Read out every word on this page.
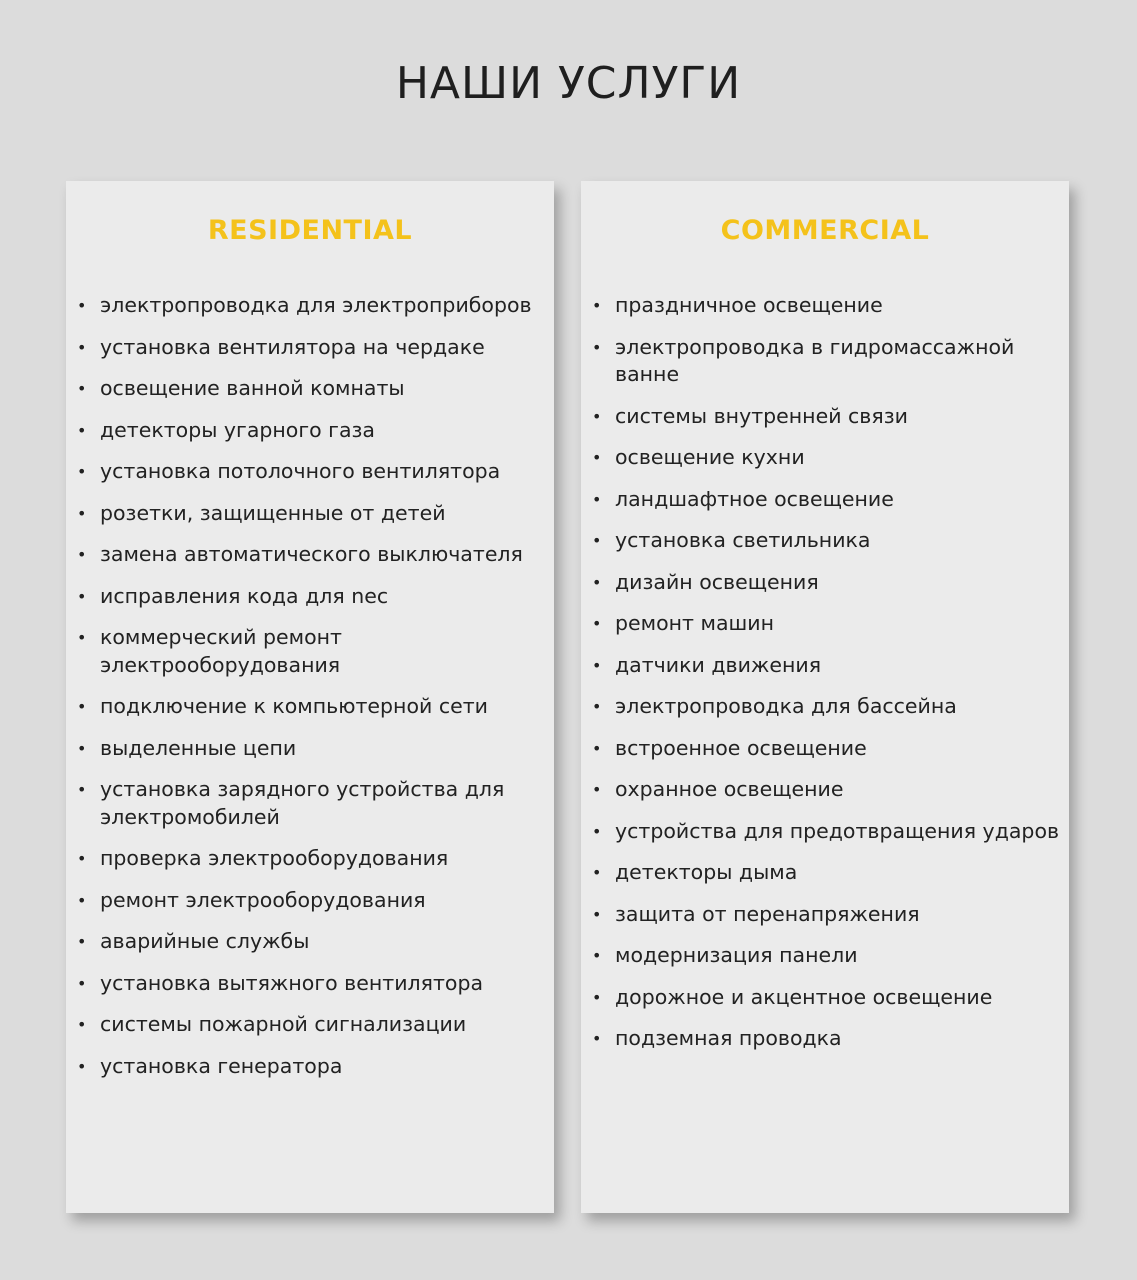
НАШИ УСЛУГИ
RESIDENTIAL
• электропроводка для электроприборов
• установка вентилятора на чердаке
• освещение ванной комнаты
• детекторы угарного газа
• установка потолочного вентилятора
• розетки, защищенные от детей
• замена автоматического выключателя
• исправления кода для nec
• коммерческий ремонт электрооборудования
• подключение к компьютерной сети
• выделенные цепи
• установка зарядного устройства для электромобилей
• проверка электрооборудования
• ремонт электрооборудования
• аварийные службы
• установка вытяжного вентилятора
• системы пожарной сигнализации
• установка генератора
COMMERCIAL
• праздничное освещение
• электропроводка в гидромассажной ванне
• системы внутренней связи
• освещение кухни
• ландшафтное освещение
• установка светильника
• дизайн освещения
• ремонт машин
• датчики движения
• электропроводка для бассейна
• встроенное освещение
• охранное освещение
• устройства для предотвращения ударов
• детекторы дыма
• защита от перенапряжения
• модернизация панели
• дорожное и акцентное освещение
• подземная проводка
